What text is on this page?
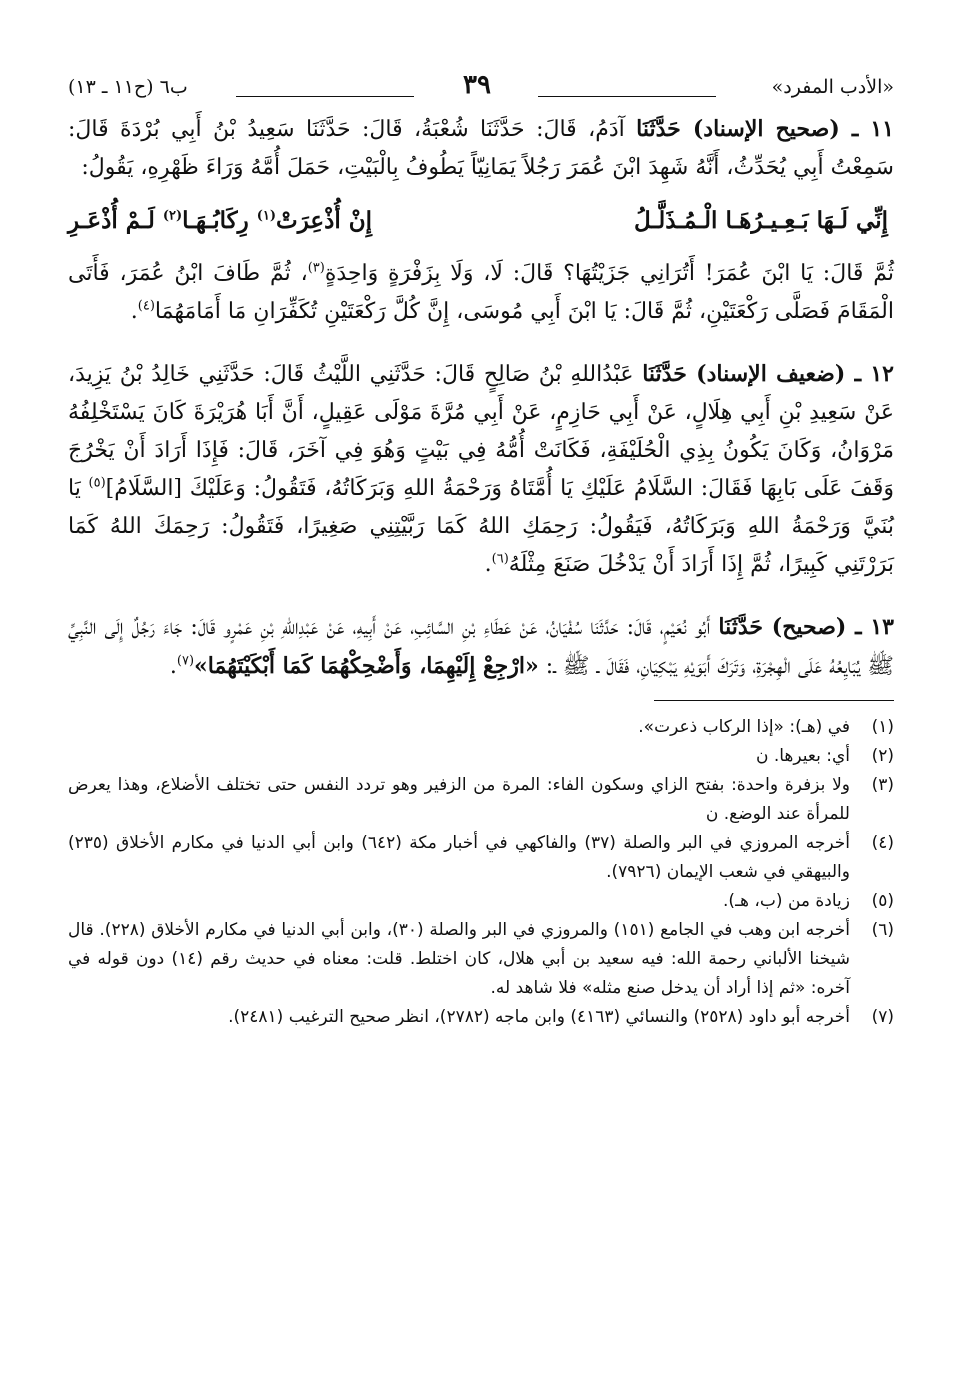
«الأدب المفرد»
٣٩
ب٦ (ح١١ ـ ١٣)

١١ ـ (صحيح الإسناد) حَدَّثَنَا آدَمُ، قَالَ: حَدَّثَنَا شُعْبَةُ، قَالَ: حَدَّثَنَا سَعِيدُ بْنُ أَبِي بُرْدَةَ قَالَ: سَمِعْتُ أَبِي يُحَدِّثُ، أَنَّهُ شَهِدَ ابْنَ عُمَرَ رَجُلاً يَمَانِيّاً يَطُوفُ بِالْبَيْتِ، حَمَلَ أُمَّهُ وَرَاءَ ظَهْرِهِ، يَقُولُ:

إِنِّي لَـهَا بَـعِـيـرُهَـا الْـمُـذَلَّـلُ
إِنْ أُذْعِرَتْ$^{(١)}$ رِكَابُـهَـا$^{(٢)}$ لَـمْ أُذْعَـرِ

ثُمَّ قَالَ: يَا ابْنَ عُمَرَ! أَتُرَانِي جَزَيْتُهَا؟ قَالَ: لَا، وَلَا بِزَفْرَةٍ وَاحِدَةٍ$^{(٣)}$، ثُمَّ طَافَ ابْنُ عُمَرَ، فَأَتَى الْمَقَامَ فَصَلَّى رَكْعَتَيْنِ، ثُمَّ قَالَ: يَا ابْنَ أَبِي مُوسَى، إِنَّ كُلَّ رَكْعَتَيْنِ تُكَفِّرَانِ مَا أَمَامَهُمَا$^{(٤)}$.

١٢ ـ (ضعيف الإسناد) حَدَّثَنَا عَبْدُاللهِ بْنُ صَالِحٍ قَالَ: حَدَّثَنِي اللَّيْثُ قَالَ: حَدَّثَنِي خَالِدُ بْنُ يَزِيدَ، عَنْ سَعِيدِ بْنِ أَبِي هِلَالٍ، عَنْ أَبِي حَازِمٍ، عَنْ أَبِي مُرَّةَ مَوْلَى عَقِيلٍ، أَنَّ أَبَا هُرَيْرَةَ كَانَ يَسْتَخْلِفُهُ مَرْوَانُ، وَكَانَ يَكُونُ بِذِي الْحُلَيْفَةِ، فَكَانَتْ أُمُّهُ فِي بَيْتٍ وَهُوَ فِي آخَرَ، قَالَ: فَإِذَا أَرَادَ أَنْ يَخْرُجَ وَقَفَ عَلَى بَابِهَا فَقَالَ: السَّلَامُ عَلَيْكِ يَا أُمَّتَاهُ وَرَحْمَةُ اللهِ وَبَرَكَاتُهُ، فَتَقُولُ: وَعَلَيْكَ [السَّلَامُ]$^{(٥)}$ يَا بُنَيَّ وَرَحْمَةُ اللهِ وَبَرَكَاتُهُ، فَيَقُولُ: رَحِمَكِ اللهُ كَمَا رَبَّيْتِنِي صَغِيرًا، فَتَقُولُ: رَحِمَكَ اللهُ كَمَا بَرَرْتَنِي كَبِيرًا، ثُمَّ إِذَا أَرَادَ أَنْ يَدْخُلَ صَنَعَ مِثْلَهُ$^{(٦)}$.

١٣ ـ (صحيح) حَدَّثَنَا أَبُو نُعَيْمٍ، قَالَ: حَدَّثَنَا سُفْيَانُ، عَنْ عَطَاءِ بْنِ السَّائِبِ، عَنْ أَبِيهِ، عَنْ عَبْدِاللهِ بْنِ عَمْرٍو قَالَ: جَاءَ رَجُلٌ إِلَى النَّبِيِّ ﷺ يُبَايِعُهُ عَلَى الْهِجْرَةِ، وَتَرَكَ أَبَوَيْهِ يَبْكِيَانِ، فَقَالَ ـ ﷺ ـ: «ارْجِعْ إِلَيْهِمَا، وَأَضْحِكْهُمَا كَمَا أَبْكَيْتَهُمَا»$^{(٧)}$.

(١)
في (هـ): «إذا الركاب ذعرت».
(٢)
أي: بعيرها. ن
(٣)
ولا بزفرة واحدة: بفتح الزاي وسكون الفاء: المرة من الزفير وهو تردد النفس حتى تختلف الأضلاع، وهذا يعرض للمرأة عند الوضع. ن
(٤)
أخرجه المروزي في البر والصلة (٣٧) والفاكهي في أخبار مكة (٦٤٢) وابن أبي الدنيا في مكارم الأخلاق (٢٣٥) والبيهقي في شعب الإيمان (٧٩٢٦).
(٥)
زيادة من (ب، هـ).
(٦)
أخرجه ابن وهب في الجامع (١٥١) والمروزي في البر والصلة (٣٠)، وابن أبي الدنيا في مكارم الأخلاق (٢٢٨). قال شيخنا الألباني رحمة الله: فيه سعيد بن أبي هلال، كان اختلط. قلت: معناه في حديث رقم (١٤) دون قوله في آخره: «ثم إذا أراد أن يدخل صنع مثله» فلا شاهد له.
(٧)
أخرجه أبو داود (٢٥٢٨) والنسائي (٤١٦٣) وابن ماجه (٢٧٨٢)، انظر صحيح الترغيب (٢٤٨١).
